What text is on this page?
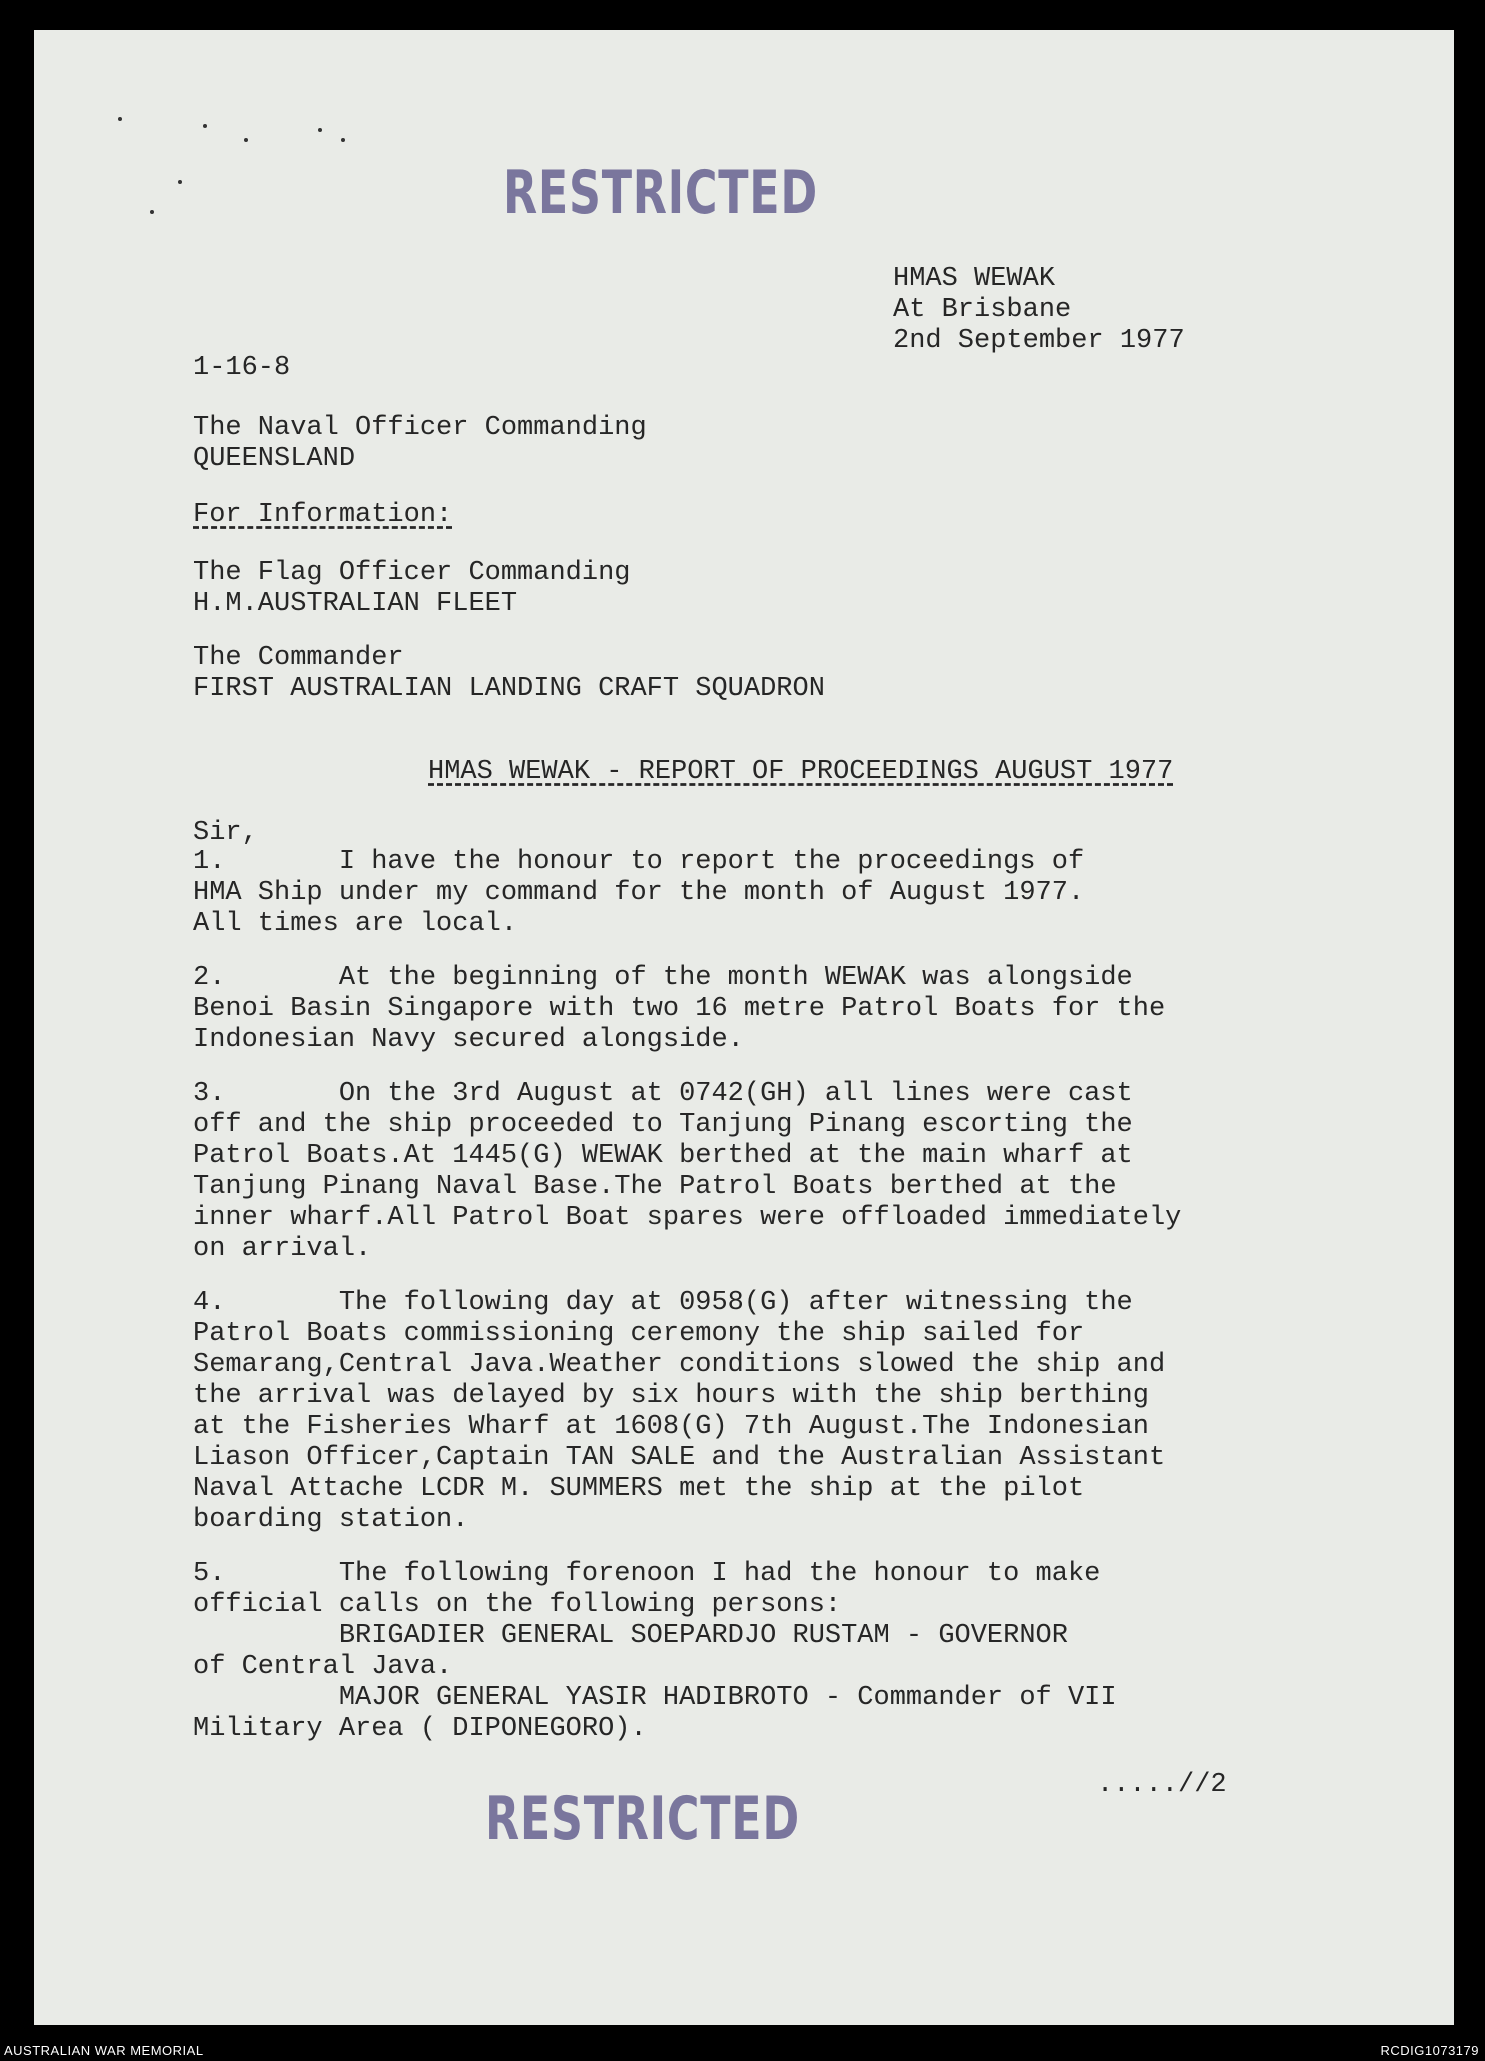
RESTRICTED
HMAS WEWAK
At Brisbane
2nd September 1977
1-16-8
The Naval Officer Commanding
QUEENSLAND
For Information:
The Flag Officer Commanding
H.M.AUSTRALIAN FLEET
The Commander
FIRST AUSTRALIAN LANDING CRAFT SQUADRON
HMAS WEWAK - REPORT OF PROCEEDINGS AUGUST 1977
Sir,
1.       I have the honour to report the proceedings of
HMA Ship under my command for the month of August 1977.
All times are local.
2.       At the beginning of the month WEWAK was alongside
Benoi Basin Singapore with two 16 metre Patrol Boats for the
Indonesian Navy secured alongside.
3.       On the 3rd August at 0742(GH) all lines were cast
off and the ship proceeded to Tanjung Pinang escorting the
Patrol Boats.At 1445(G) WEWAK berthed at the main wharf at
Tanjung Pinang Naval Base.The Patrol Boats berthed at the
inner wharf.All Patrol Boat spares were offloaded immediately
on arrival.
4.       The following day at 0958(G) after witnessing the
Patrol Boats commissioning ceremony the ship sailed for
Semarang,Central Java.Weather conditions slowed the ship and
the arrival was delayed by six hours with the ship berthing
at the Fisheries Wharf at 1608(G) 7th August.The Indonesian
Liason Officer,Captain TAN SALE and the Australian Assistant
Naval Attache LCDR M. SUMMERS met the ship at the pilot
boarding station.
5.       The following forenoon I had the honour to make
official calls on the following persons:
BRIGADIER GENERAL SOEPARDJO RUSTAM - GOVERNOR
of Central Java.
MAJOR GENERAL YASIR HADIBROTO - Commander of VII
Military Area ( DIPONEGORO).
RESTRICTED	.....//2
AUSTRALIAN WAR MEMORIAL	RCDIG1073179
